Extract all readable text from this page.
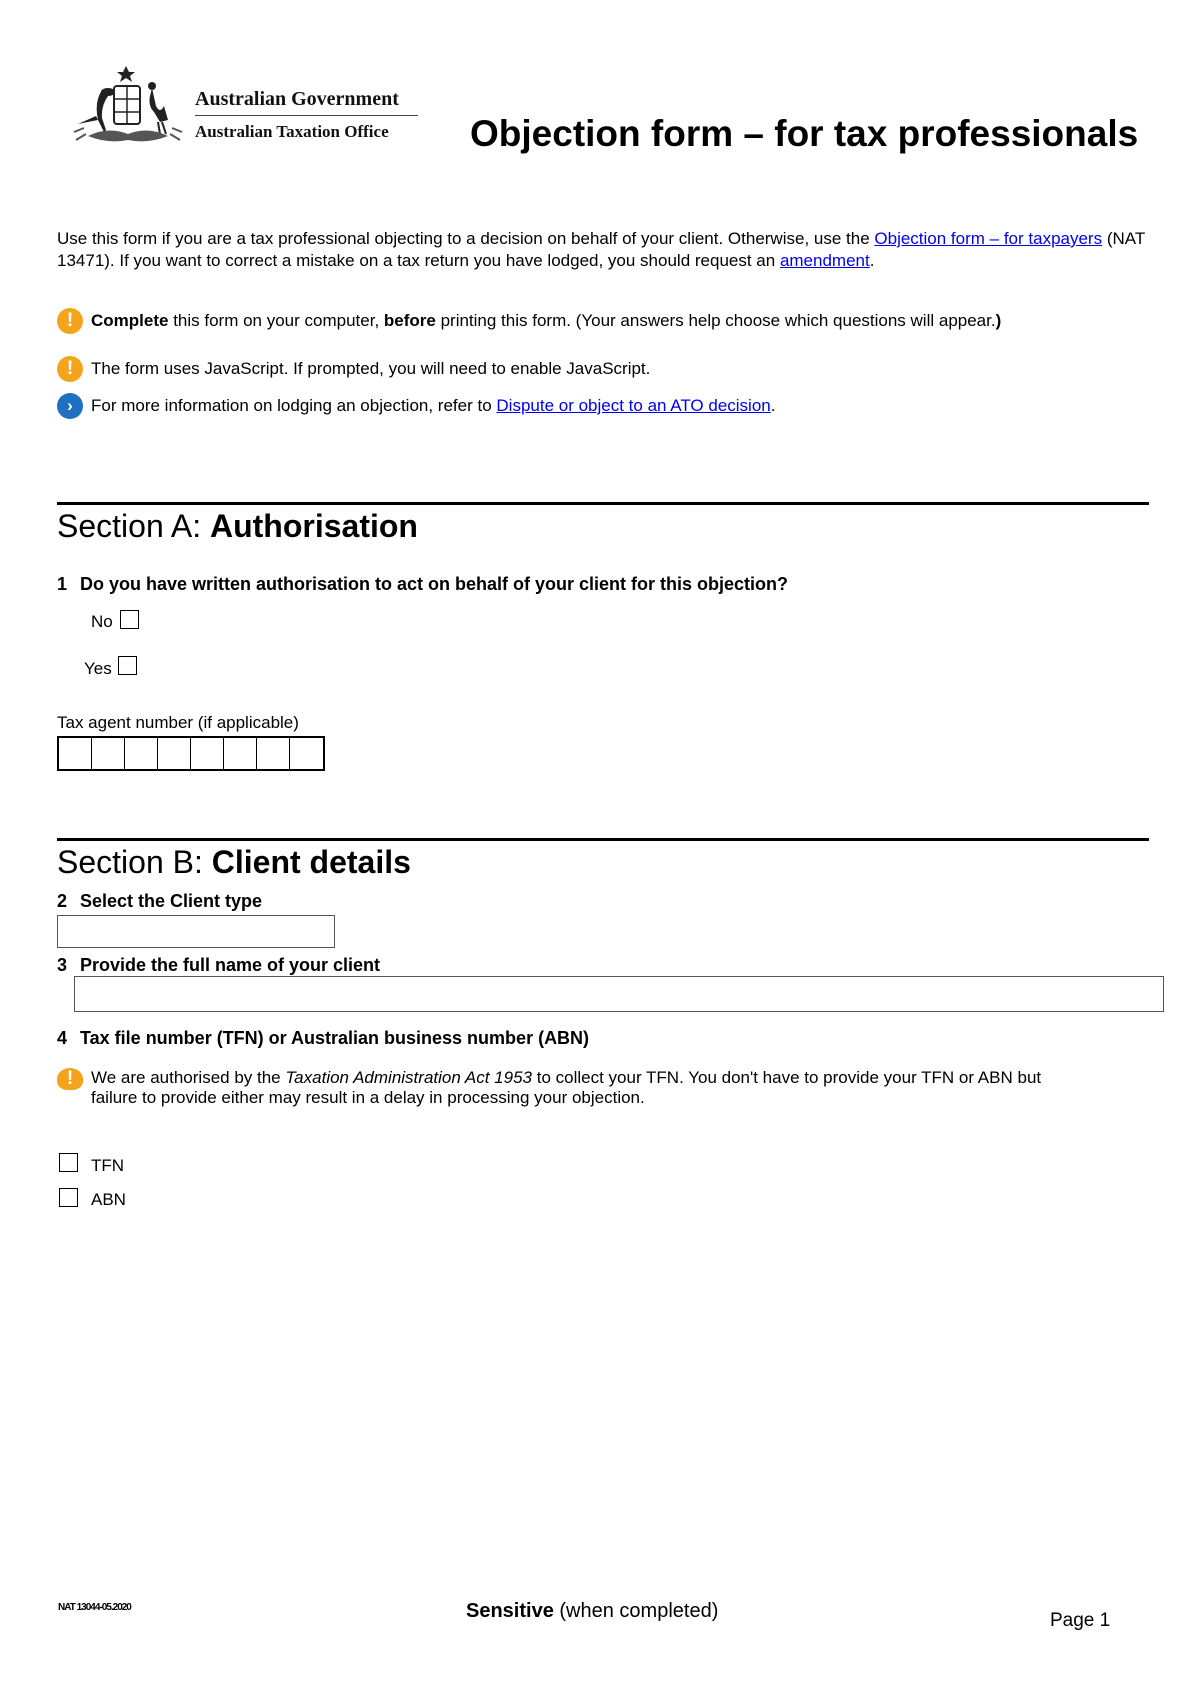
Australian Government
Australian Taxation Office Objection form – for tax professionals
Use this form if you are a tax professional objecting to a decision on behalf of your client. Otherwise, use the Objection form – for taxpayers (NAT 13471). If you want to correct a mistake on a tax return you have lodged, you should request an amendment.
!	Complete this form on your computer, before printing this form. (Your answers help choose which questions will appear.)
!	The form uses JavaScript. If prompted, you will need to enable JavaScript.
›	For more information on lodging an objection, refer to Dispute or object to an ATO decision.
Section A: Authorisation
1 Do you have written authorisation to act on behalf of your client for this objection?
No
Yes
Tax agent number (if applicable)
Section B: Client details
2 Select the Client type
3 Provide the full name of your client
4 Tax file number (TFN) or Australian business number (ABN)
!	We are authorised by the Taxation Administration Act 1953 to collect your TFN. You don't have to provide your TFN or ABN but failure to provide either may result in a delay in processing your objection.
TFN
ABN
NAT 13044-05.2020	Sensitive (when completed)	Page 1
